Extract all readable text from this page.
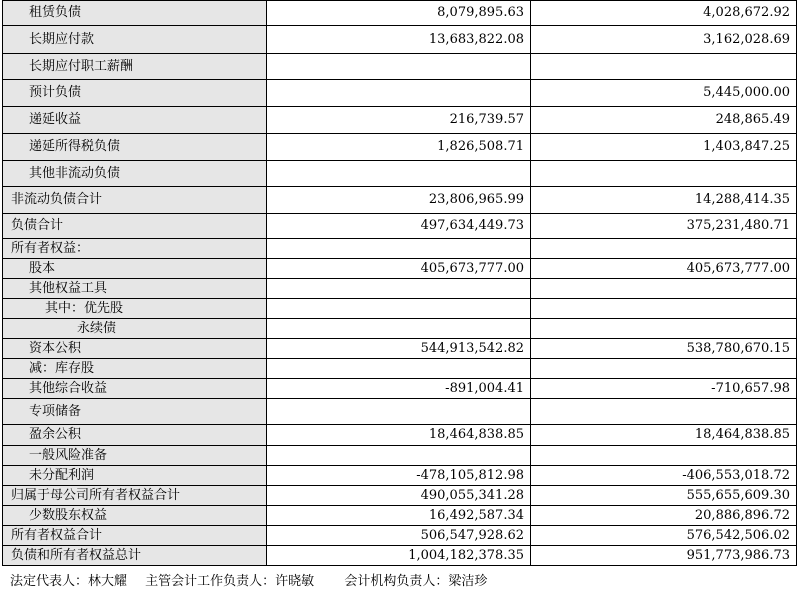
租赁负债	8,079,895.63	4,028,672.92
长期应付款	13,683,822.08	3,162,028.69
长期应付职工薪酬		
预计负债		5,445,000.00
递延收益	216,739.57	248,865.49
递延所得税负债	1,826,508.71	1,403,847.25
其他非流动负债		
非流动负债合计	23,806,965.99	14,288,414.35
负债合计	497,634,449.73	375,231,480.71
所有者权益：		
股本	405,673,777.00	405,673,777.00
其他权益工具		
其中：优先股		
永续债		
资本公积	544,913,542.82	538,780,670.15
减：库存股		
其他综合收益	-891,004.41	-710,657.98
专项储备		
盈余公积	18,464,838.85	18,464,838.85
一般风险准备		
未分配利润	-478,105,812.98	-406,553,018.72
归属于母公司所有者权益合计	490,055,341.28	555,655,609.30
少数股东权益	16,492,587.34	20,886,896.72
所有者权益合计	506,547,928.62	576,542,506.02
负债和所有者权益总计	1,004,182,378.35	951,773,986.73
法定代表人：林大耀 主管会计工作负责人：许晓敏 会计机构负责人：梁洁珍
